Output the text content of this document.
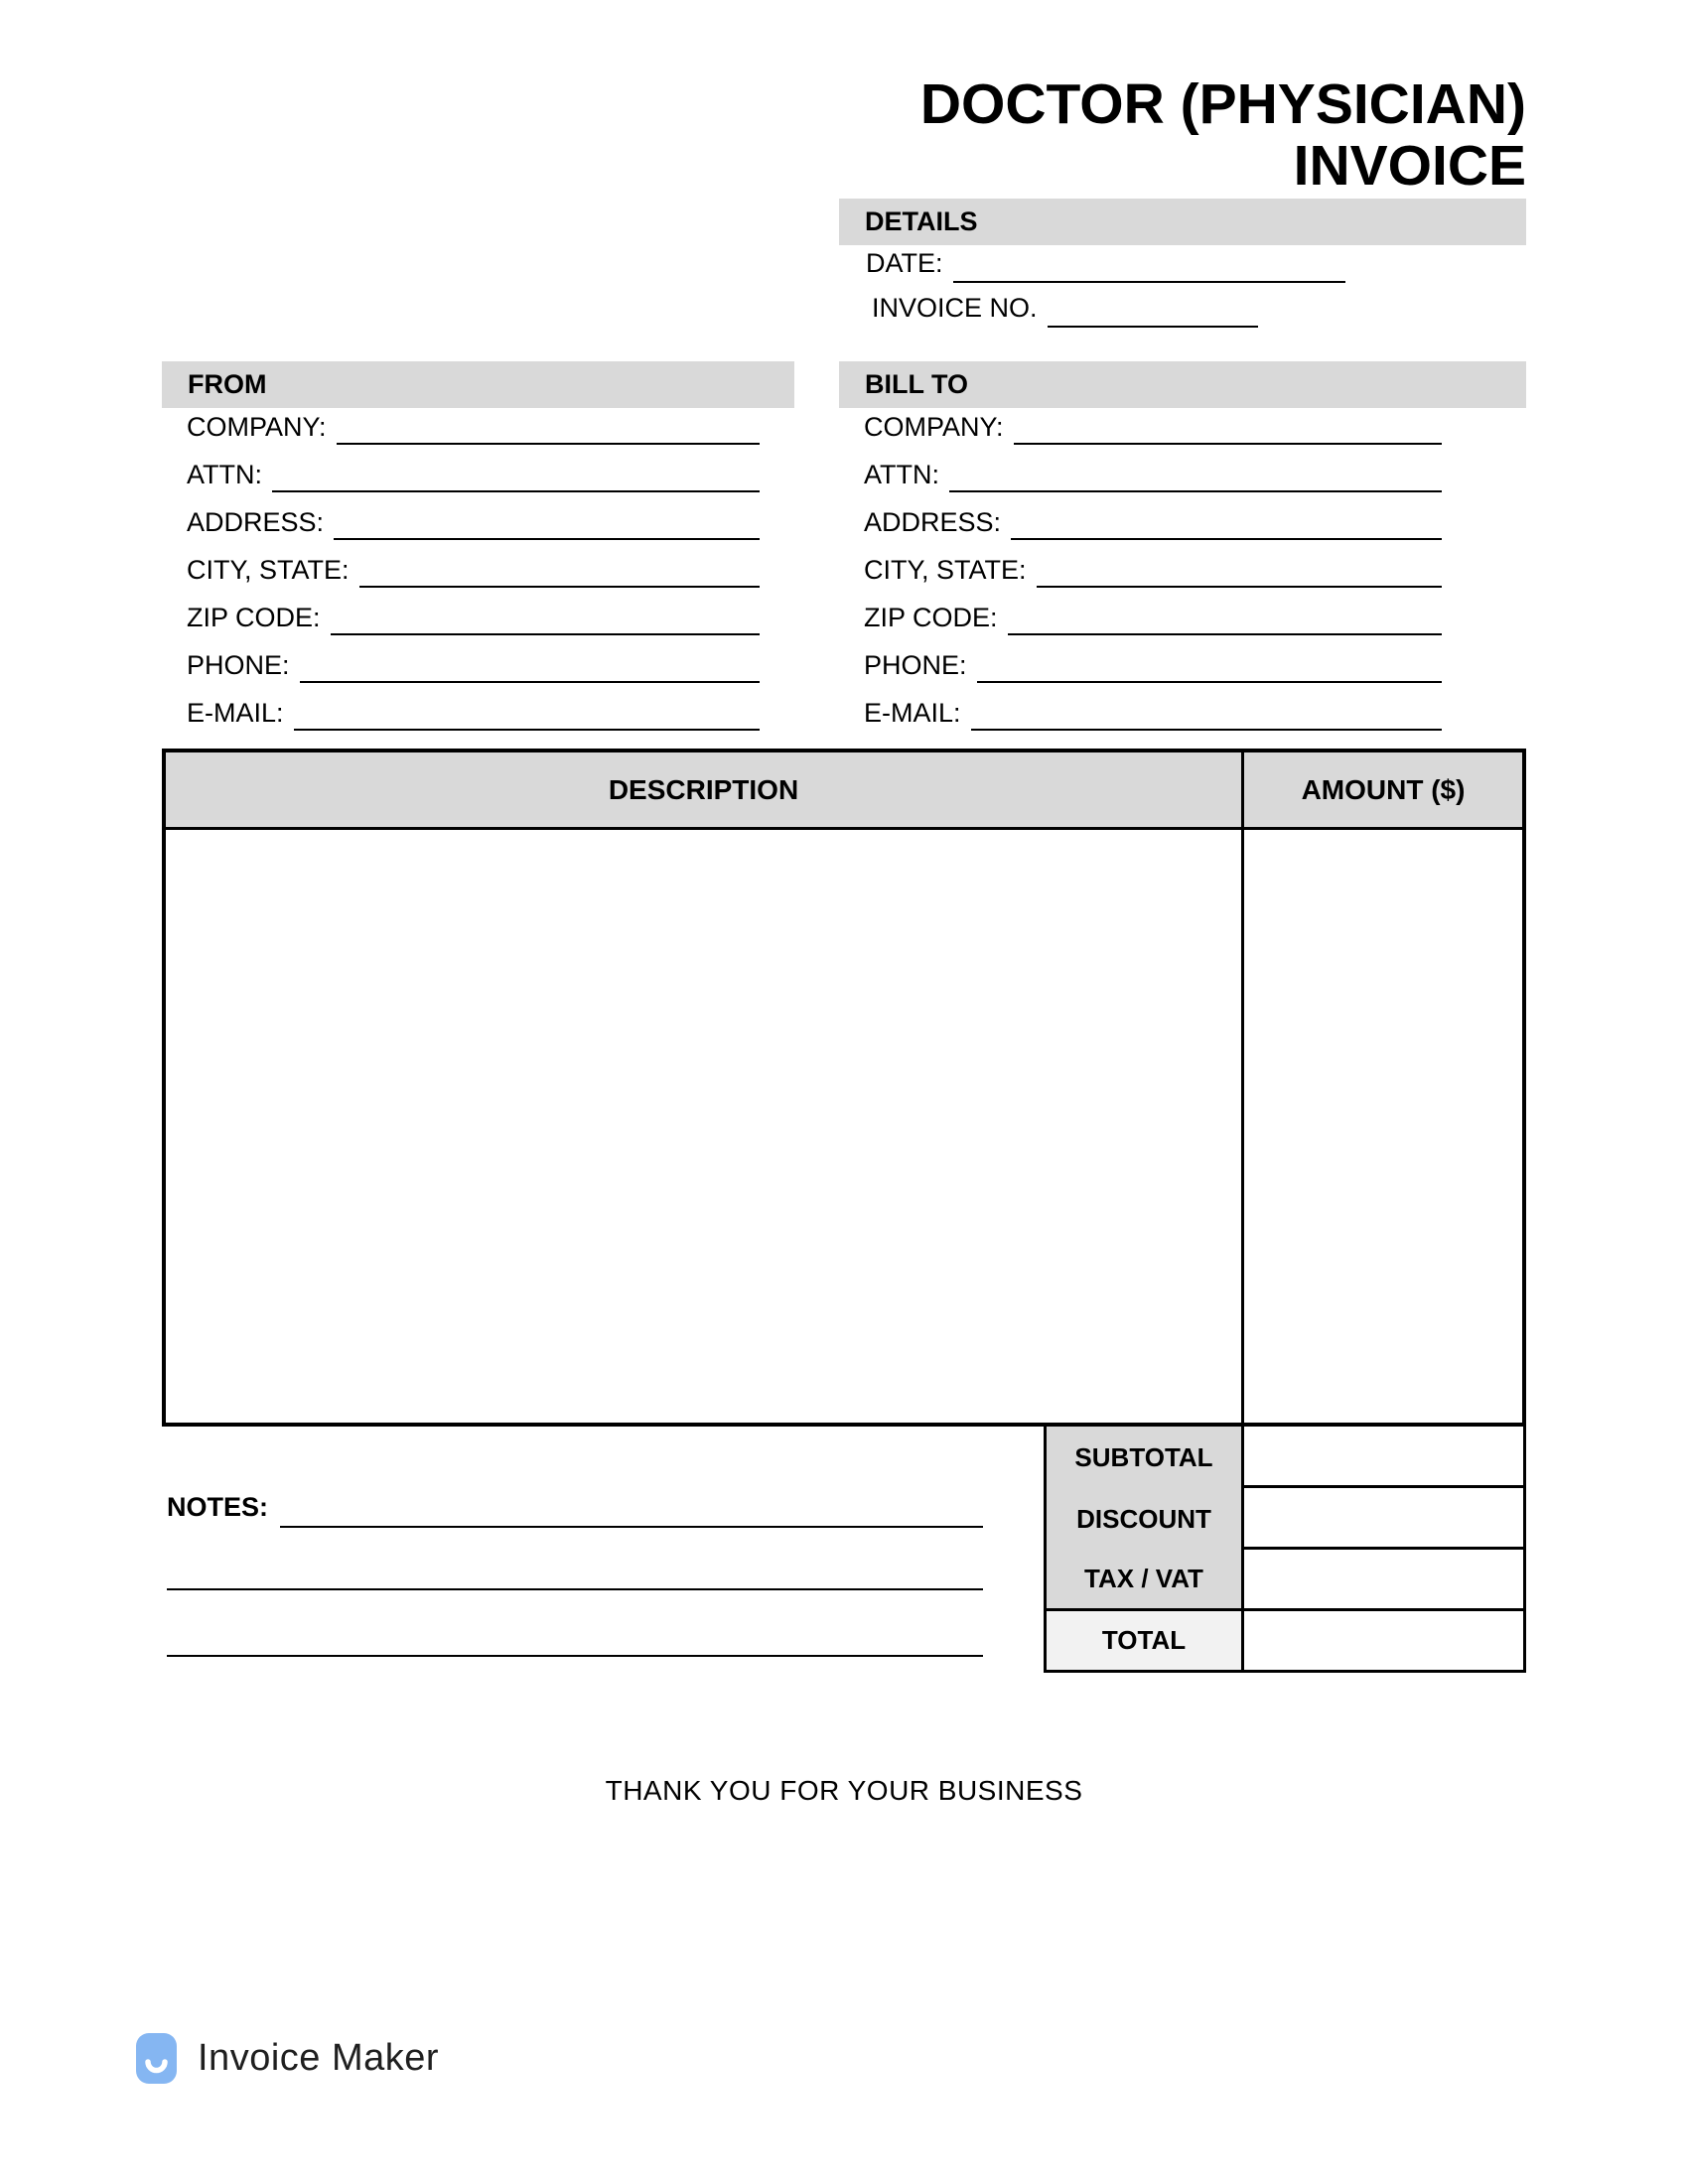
DOCTOR (PHYSICIAN)
INVOICE
DETAILS
DATE:
INVOICE NO.
FROM
COMPANY:
ATTN:
ADDRESS:
CITY, STATE:
ZIP CODE:
PHONE:
E-MAIL:
BILL TO
COMPANY:
ATTN:
ADDRESS:
CITY, STATE:
ZIP CODE:
PHONE:
E-MAIL:
DESCRIPTION	AMOUNT ($)
SUBTOTAL
DISCOUNT
TAX / VAT
TOTAL
NOTES:
THANK YOU FOR YOUR BUSINESS
Invoice Maker
